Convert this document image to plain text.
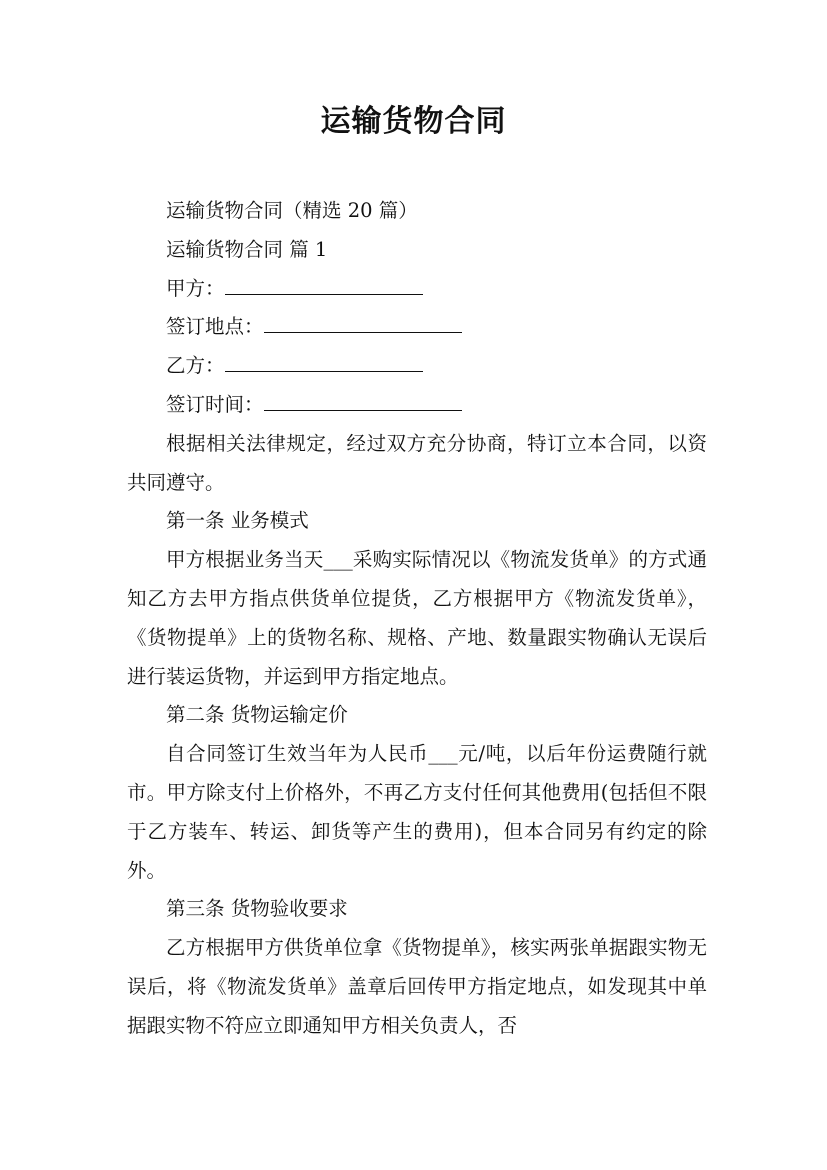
运输货物合同

运输货物合同（精选 20 篇）

运输货物合同 篇 1

甲方：

签订地点：

乙方：

签订时间：

根据相关法律规定，经过双方充分协商，特订立本合同，以资共同遵守。

第一条 业务模式

甲方根据业务当天___采购实际情况以《物流发货单》的方式通知乙方去甲方指点供货单位提货，乙方根据甲方《物流发货单》， 《货物提单》上的货物名称、规格、产地、数量跟实物确认无误后进行装运货物，并运到甲方指定地点。

第二条 货物运输定价

自合同签订生效当年为人民币___元/吨，以后年份运费随行就市。甲方除支付上价格外，不再乙方支付任何其他费用(包括但不限于乙方装车、转运、卸货等产生的费用)，但本合同另有约定的除外。

第三条 货物验收要求

乙方根据甲方供货单位拿《货物提单》，核实两张单据跟实物无误后，将《物流发货单》盖章后回传甲方指定地点，如发现其中单据跟实物不符应立即通知甲方相关负责人，否
